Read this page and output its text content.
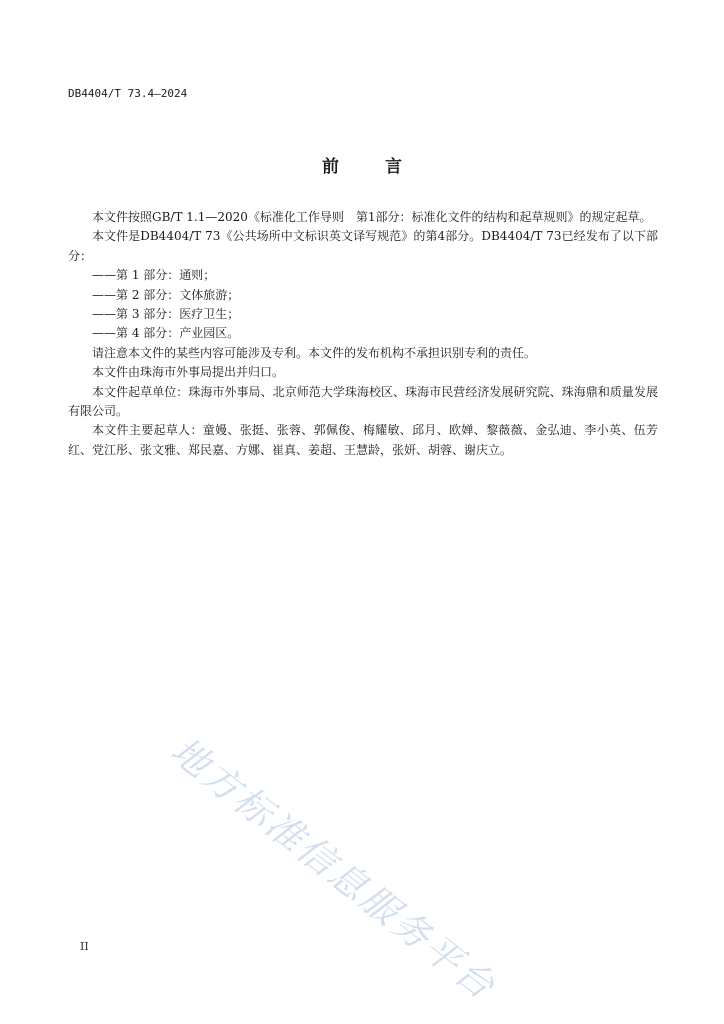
DB4404/T 73.4—2024
前	言

本文件按照GB/T 1.1—2020《标准化工作导则　第1部分：标准化文件的结构和起草规则》的规定起草。

本文件是DB4404/T 73《公共场所中文标识英文译写规范》的第4部分。DB4404/T 73已经发布了以下部分：

——第 1 部分：通则；

——第 2 部分：文体旅游；

——第 3 部分：医疗卫生；

——第 4 部分：产业园区。

请注意本文件的某些内容可能涉及专利。本文件的发布机构不承担识别专利的责任。

本文件由珠海市外事局提出并归口。

本文件起草单位：珠海市外事局、北京师范大学珠海校区、珠海市民营经济发展研究院、珠海鼎和质量发展有限公司。

本文件主要起草人：童嫚、张挺、张蓉、郭佩俊、梅耀敏、邱月、欧婵、黎薇薇、金弘迪、李小英、伍芳红、党江彤、张文雅、郑民嘉、方娜、崔真、姜超、王慧龄，张妍、胡蓉、谢庆立。

地方标准信息服务平台
II
